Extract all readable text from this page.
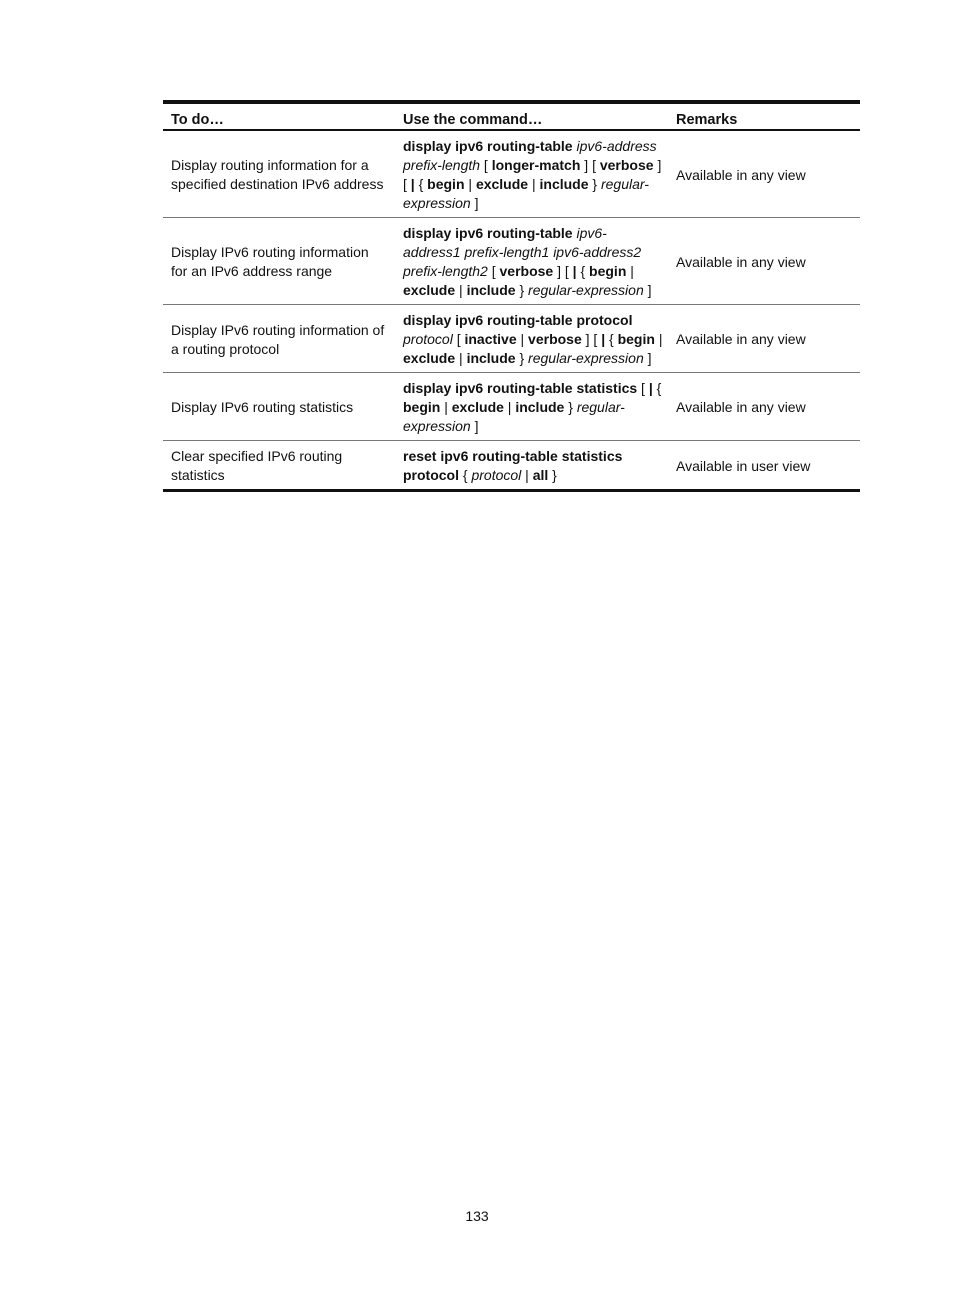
To do…	Use the command…	Remarks
Display routing information for a specified destination IPv6 address	display ipv6 routing-table ipv6-address prefix-length [ longer-match ] [ verbose ] [ | { begin | exclude | include } regular-expression ]	Available in any view
Display IPv6 routing information for an IPv6 address range	display ipv6 routing-table ipv6-address1 prefix-length1 ipv6-address2 prefix-length2 [ verbose ] [ | { begin | exclude | include } regular-expression ]	Available in any view
Display IPv6 routing information of a routing protocol	display ipv6 routing-table protocol protocol [ inactive | verbose ] [ | { begin | exclude | include } regular-expression ]	Available in any view
Display IPv6 routing statistics	display ipv6 routing-table statistics [ | { begin | exclude | include } regular-expression ]	Available in any view
Clear specified IPv6 routing statistics	reset ipv6 routing-table statistics protocol { protocol | all }	Available in user view
133
